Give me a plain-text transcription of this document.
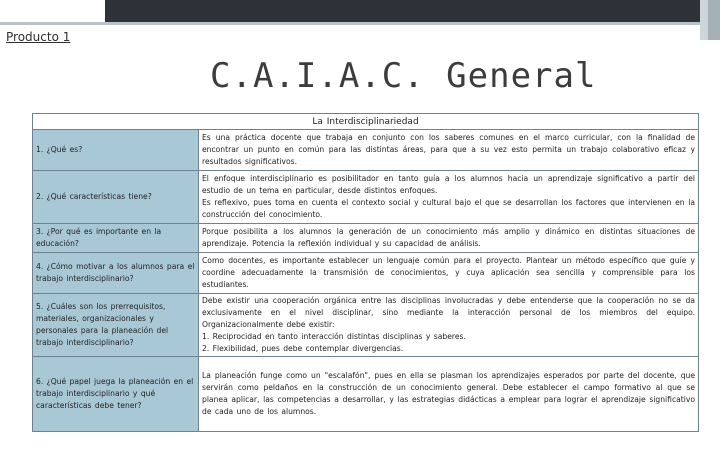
Producto 1
C.A.I.A.C. General
La Interdisciplinariedad	
1. ¿Qué es?	Es una práctica docente que trabaja en conjunto con los saberes comunes en el marco curricular, con la finalidad de encontrar un punto en común para las distintas áreas, para que a su vez esto permita un trabajo colaborativo eficaz y resultados significativos.
2. ¿Qué características tiene?	El enfoque interdisciplinario es posibilitador en tanto guía a los alumnos hacia un aprendizaje significativo a partir del estudio de un tema en particular, desde distintos enfoques.
Es reflexivo, pues toma en cuenta el contexto social y cultural bajo el que se desarrollan los factores que intervienen en la construcción del conocimiento.

3. ¿Por qué es importante en la educación?	Porque posibilita a los alumnos la generación de un conocimiento más amplio y dinámico en distintas situaciones de aprendizaje. Potencia la reflexión individual y su capacidad de análisis.
4. ¿Cómo motivar a los alumnos para el trabajo interdisciplinario?	Como docentes, es importante establecer un lenguaje común para el proyecto. Plantear un método específico que guíe y coordine adecuadamente la transmisión de conocimientos, y cuya aplicación sea sencilla y comprensible para los estudiantes.
5. ¿Cuáles son los prerrequisitos, materiales, organizacionales y personales para la planeación del trabajo interdisciplinario?	Debe existir una cooperación orgánica entre las disciplinas involucradas y debe entenderse que la cooperación no se da exclusivamente en el nivel disciplinar, sino mediante la interacción personal de los miembros del equipo. Organizacionalmente debe existir:
1. Reciprocidad en tanto interacción distintas disciplinas y saberes.
2. Flexibilidad, pues debe contemplar divergencias.

6. ¿Qué papel juega la planeación en el trabajo interdisciplinario y qué características debe tener?	La planeación funge como un "escalafón", pues en ella se plasman los aprendizajes esperados por parte del docente, que servirán como peldaños en la construcción de un conocimiento general. Debe establecer el campo formativo al que se planea aplicar, las competencias a desarrollar, y las estrategias didácticas a emplear para lograr el aprendizaje significativo de cada uno de los alumnos.
